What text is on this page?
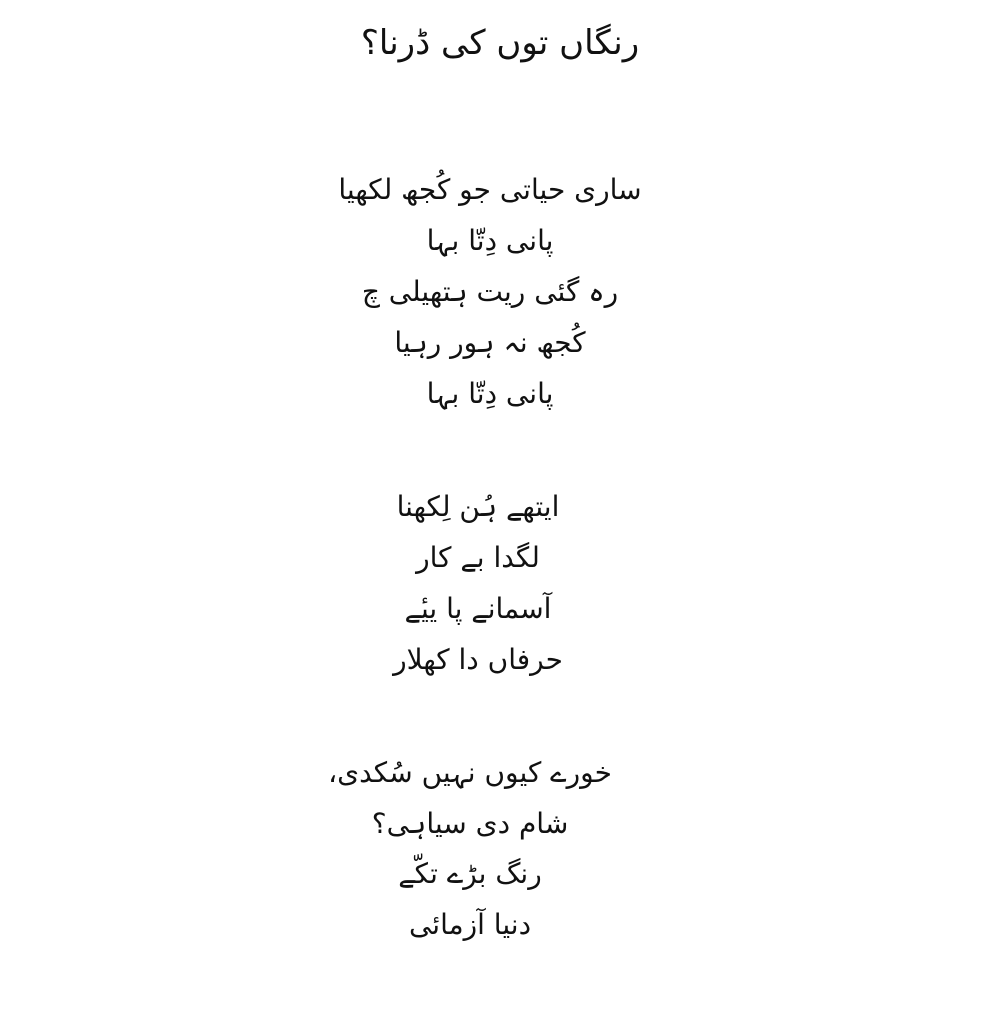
رنگاں توں کی ڈرنا؟
ساری حیاتی جو کُجھ لکھیا
پانی دِتّا بہا
رہ گئی ریت ہتھیلی چ
کُجھ نہ ہور رہیا
پانی دِتّا بہا
ایتھے ہُن لِکھنا
لگدا بے کار
آسمانے پا ییٔے
حرفاں دا کھلار
خورے کیوں نہیں سُکدی،
شام دی سیاہی؟
رنگ بڑے تکّے
دنیا آزمائی
